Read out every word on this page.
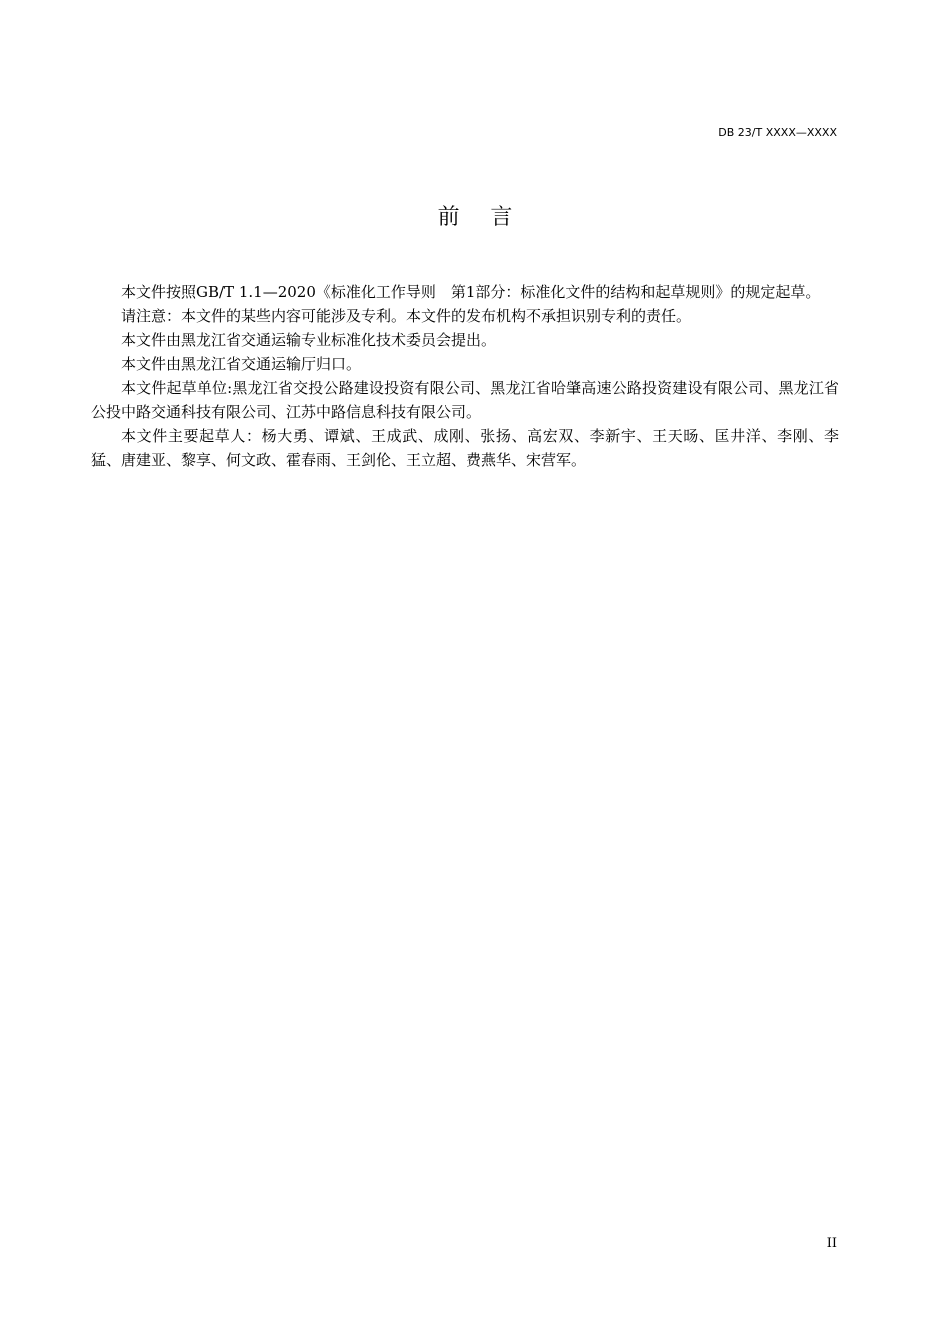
DB 23/T XXXX—XXXX
前言

本文件按照GB/T 1.1—2020《标准化工作导则　第1部分：标准化文件的结构和起草规则》的规定起草。

请注意：本文件的某些内容可能涉及专利。本文件的发布机构不承担识别专利的责任。

本文件由黑龙江省交通运输专业标准化技术委员会提出。

本文件由黑龙江省交通运输厅归口。

本文件起草单位:黑龙江省交投公路建设投资有限公司、黑龙江省哈肇高速公路投资建设有限公司、黑龙江省公投中路交通科技有限公司、江苏中路信息科技有限公司。

本文件主要起草人：杨大勇、谭斌、王成武、成刚、张扬、高宏双、李新宇、王天旸、匡井洋、李刚、李猛、唐建亚、黎享、何文政、霍春雨、王剑伦、王立超、费燕华、宋营军。

II
